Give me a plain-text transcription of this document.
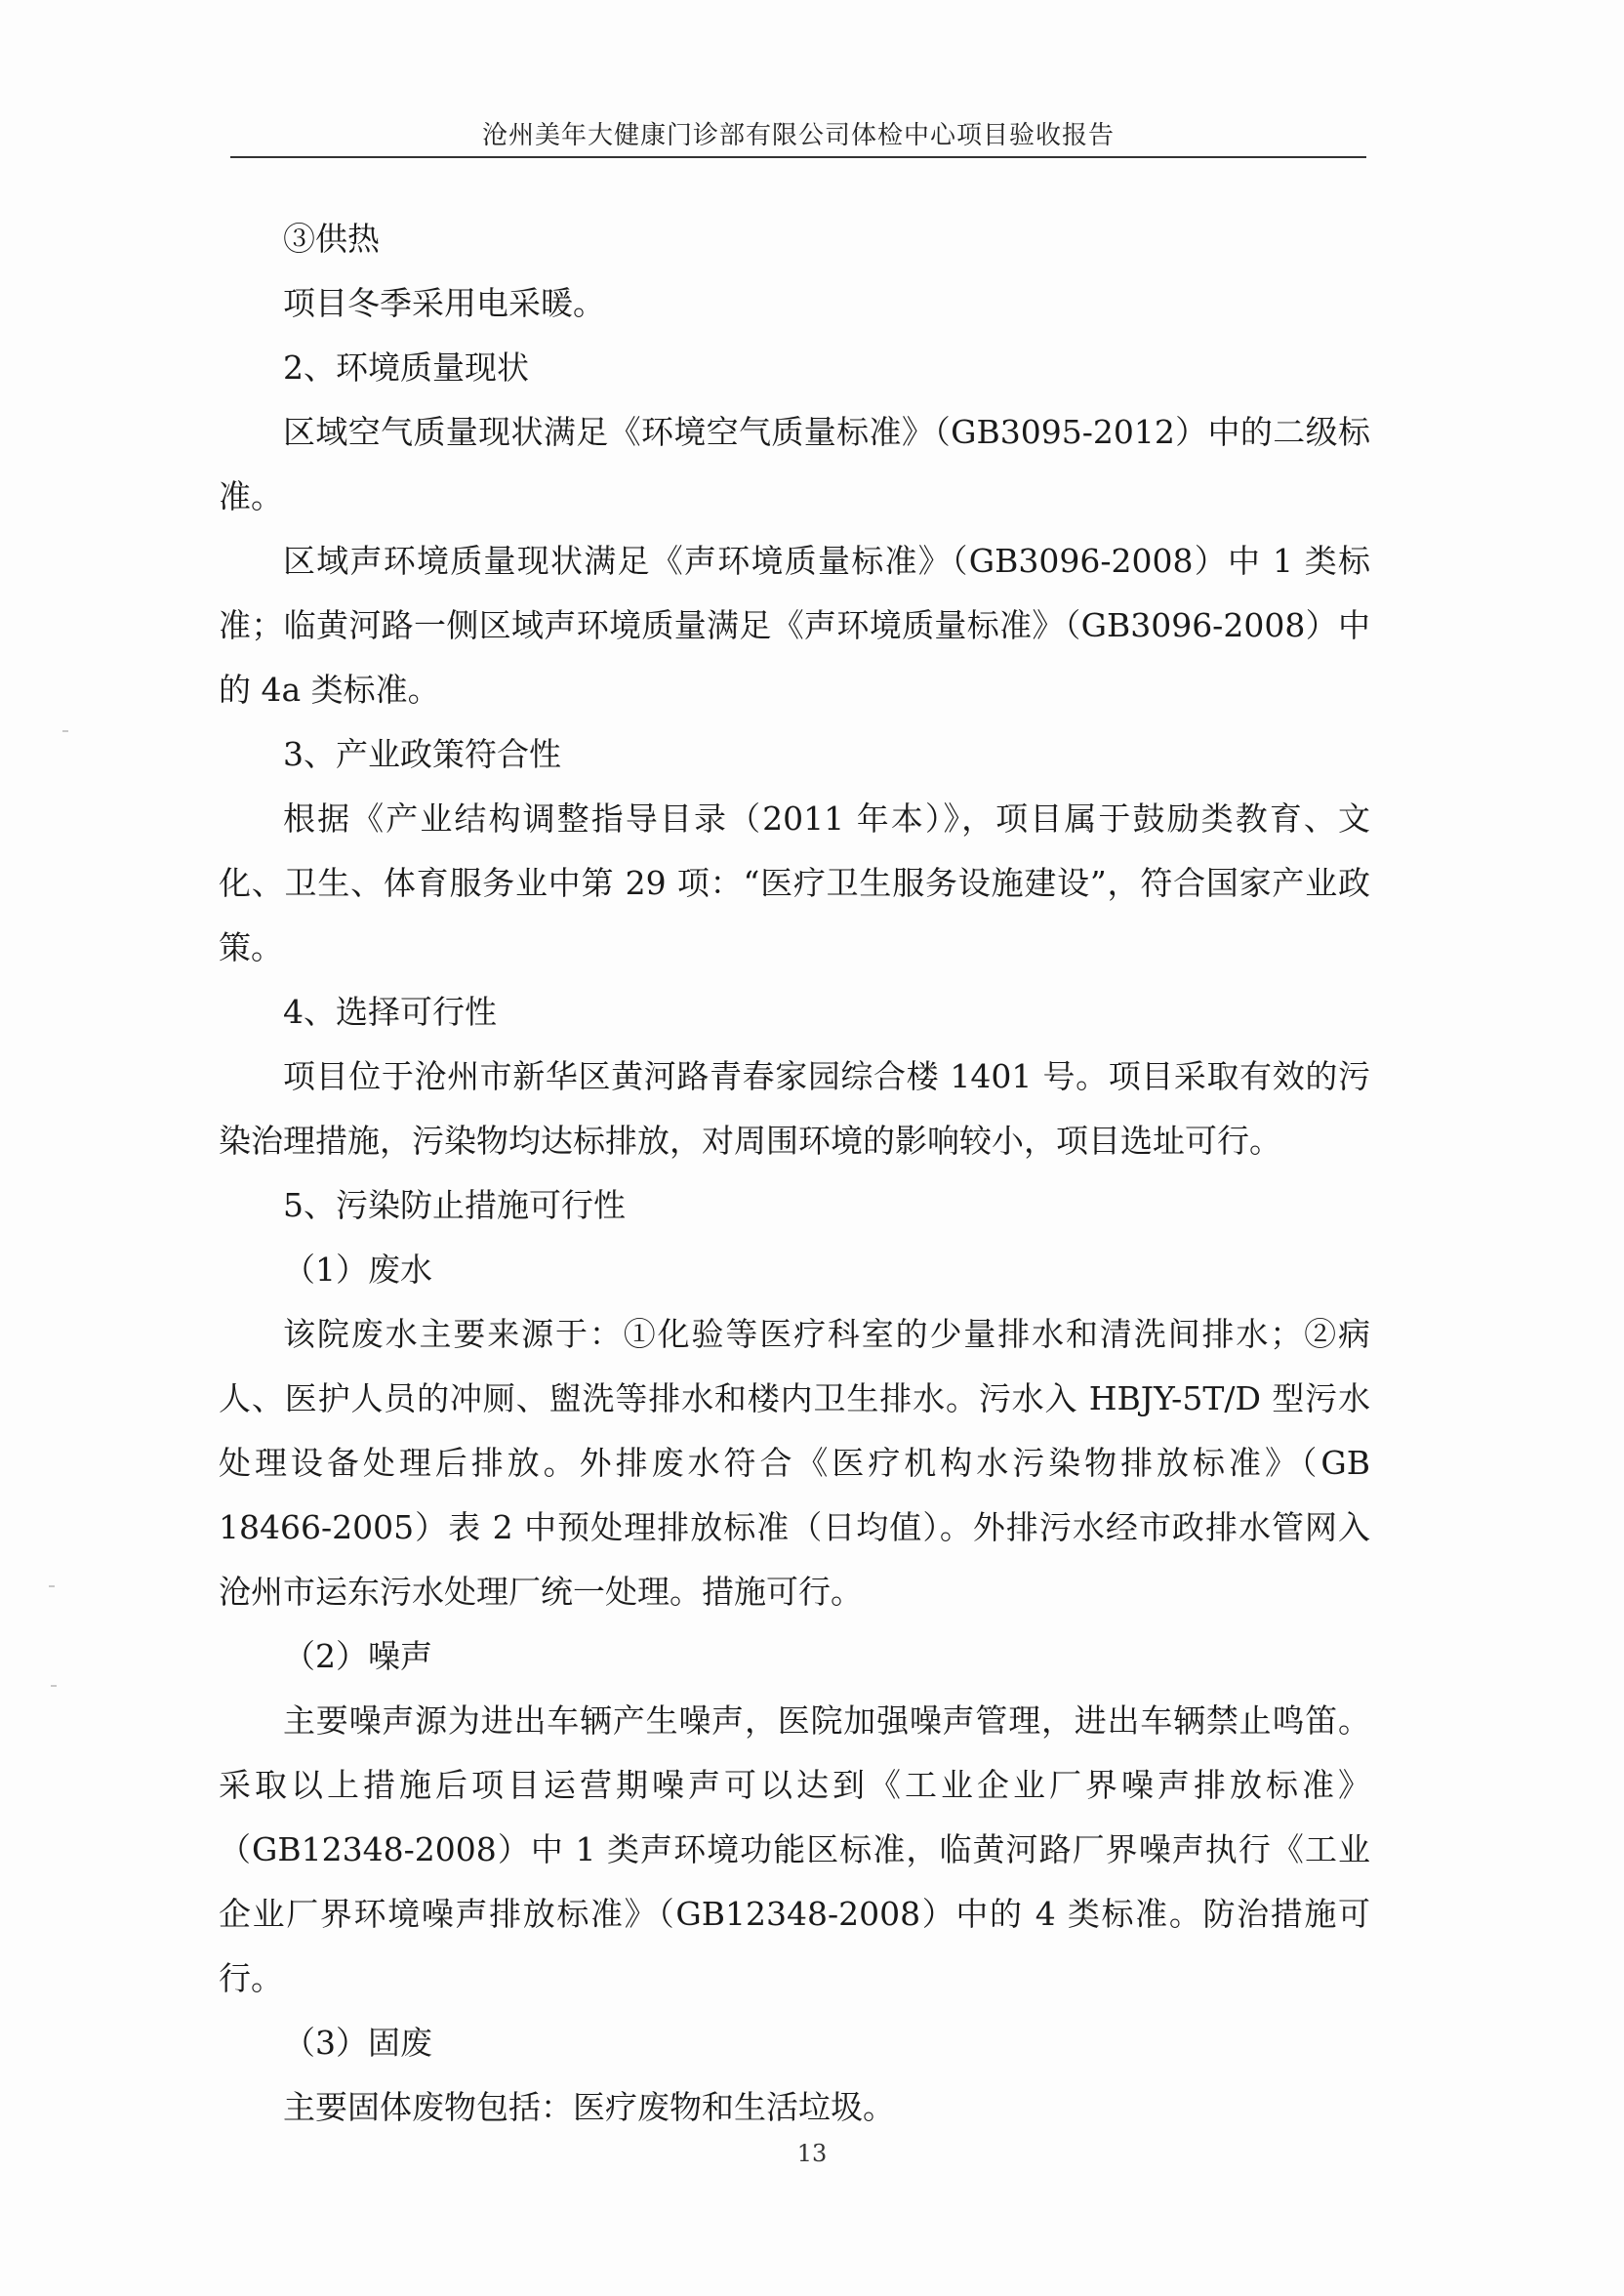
沧州美年大健康门诊部有限公司体检中心项目验收报告
③供热
项目冬季采用电采暖。
2、环境质量现状
区域空气质量现状满足《环境空气质量标准》（GB3095-2012）中的二级标准。
区域声环境质量现状满足《声环境质量标准》（GB3096-2008）中 1 类标准；临黄河路一侧区域声环境质量满足《声环境质量标准》（GB3096-2008）中的 4a 类标准。
3、产业政策符合性
根据《产业结构调整指导目录（2011 年本）》，项目属于鼓励类教育、文化、卫生、体育服务业中第 29 项：“医疗卫生服务设施建设”，符合国家产业政策。
4、选择可行性
项目位于沧州市新华区黄河路青春家园综合楼 1401 号。项目采取有效的污染治理措施，污染物均达标排放，对周围环境的影响较小，项目选址可行。
5、污染防止措施可行性
（1）废水
该院废水主要来源于：①化验等医疗科室的少量排水和清洗间排水；②病人、医护人员的冲厕、盥洗等排水和楼内卫生排水。污水入 HBJY-5T/D 型污水处理设备处理后排放。外排废水符合《医疗机构水污染物排放标准》（GB 18466-2005）表 2 中预处理排放标准（日均值）。外排污水经市政排水管网入沧州市运东污水处理厂统一处理。措施可行。
（2）噪声
主要噪声源为进出车辆产生噪声，医院加强噪声管理，进出车辆禁止鸣笛。采取以上措施后项目运营期噪声可以达到《工业企业厂界噪声排放标准》（GB12348-2008）中 1 类声环境功能区标准，临黄河路厂界噪声执行《工业企业厂界环境噪声排放标准》（GB12348-2008）中的 4 类标准。防治措施可行。
（3）固废
主要固体废物包括：医疗废物和生活垃圾。
13
